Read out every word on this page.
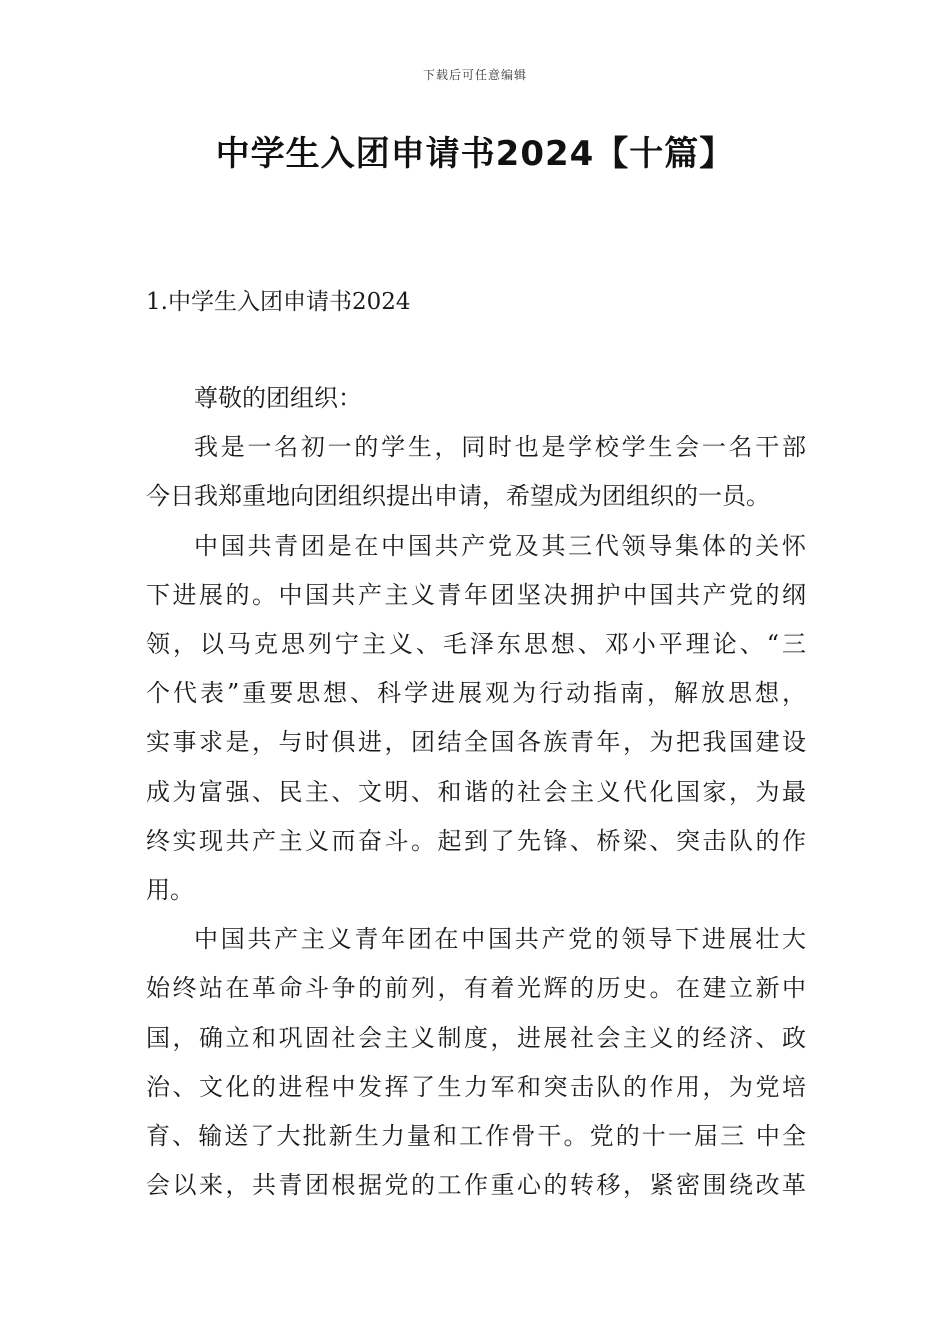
下载后可任意编辑
中学生入团申请书2024【十篇】
1.中学生入团申请书2024

尊敬的团组织：

我是一名初一的学生，同时也是学校学生会一名干部
今日我郑重地向团组织提出申请，希望成为团组织的一员。

中国共青团是在中国共产党及其三代领导集体的关怀
下进展的。中国共产主义青年团坚决拥护中国共产党的纲
领，以马克思列宁主义、毛泽东思想、邓小平理论、“三
个代表”重要思想、科学进展观为行动指南，解放思想，
实事求是，与时俱进，团结全国各族青年，为把我国建设
成为富强、民主、文明、和谐的社会主义代化国家，为最
终实现共产主义而奋斗。起到了先锋、桥梁、突击队的作
用。

中国共产主义青年团在中国共产党的领导下进展壮大
始终站在革命斗争的前列，有着光辉的历史。在建立新中
国，确立和巩固社会主义制度，进展社会主义的经济、政
治、文化的进程中发挥了生力军和突击队的作用，为党培
育、输送了大批新生力量和工作骨干。党的十一届三 中全
会以来，共青团根据党的工作重心的转移，紧密围绕改革
